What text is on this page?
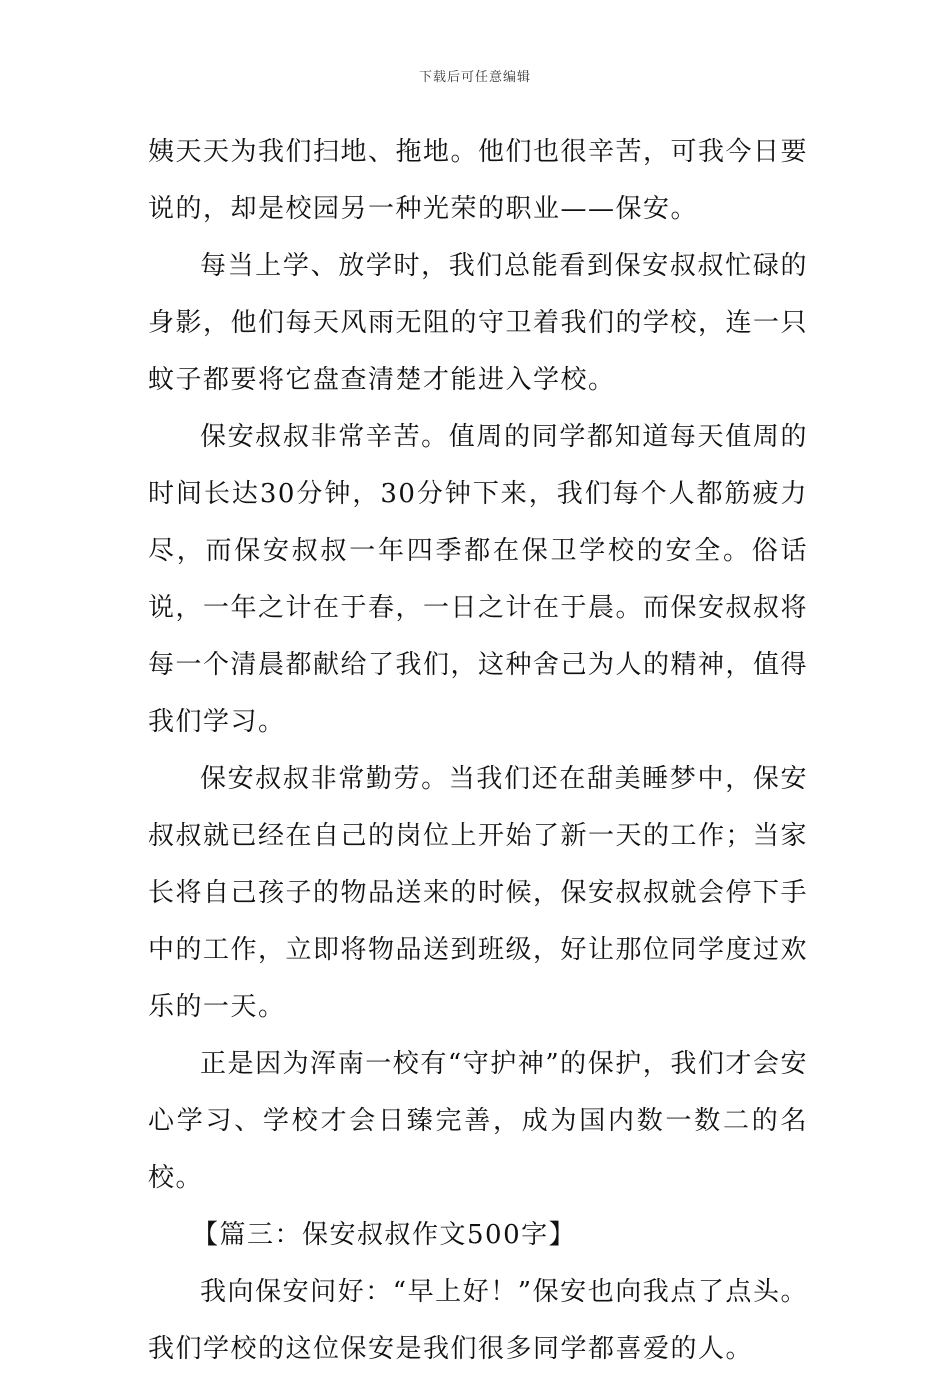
下载后可任意编辑

姨天天为我们扫地、拖地。他们也很辛苦，可我今日要说的，却是校园另一种光荣的职业——保安。

每当上学、放学时，我们总能看到保安叔叔忙碌的身影，他们每天风雨无阻的守卫着我们的学校，连一只蚊子都要将它盘查清楚才能进入学校。

保安叔叔非常辛苦。值周的同学都知道每天值周的时间长达30分钟，30分钟下来，我们每个人都筋疲力尽，而保安叔叔一年四季都在保卫学校的安全。俗话说，一年之计在于春，一日之计在于晨。而保安叔叔将每一个清晨都献给了我们，这种舍己为人的精神，值得我们学习。

保安叔叔非常勤劳。当我们还在甜美睡梦中，保安叔叔就已经在自己的岗位上开始了新一天的工作；当家长将自己孩子的物品送来的时候，保安叔叔就会停下手中的工作，立即将物品送到班级，好让那位同学度过欢乐的一天。

正是因为浑南一校有“守护神”的保护，我们才会安心学习、学校才会日臻完善，成为国内数一数二的名校。

【篇三：保安叔叔作文500字】

我向保安问好：“早上好！”保安也向我点了点头。我们学校的这位保安是我们很多同学都喜爱的人。
